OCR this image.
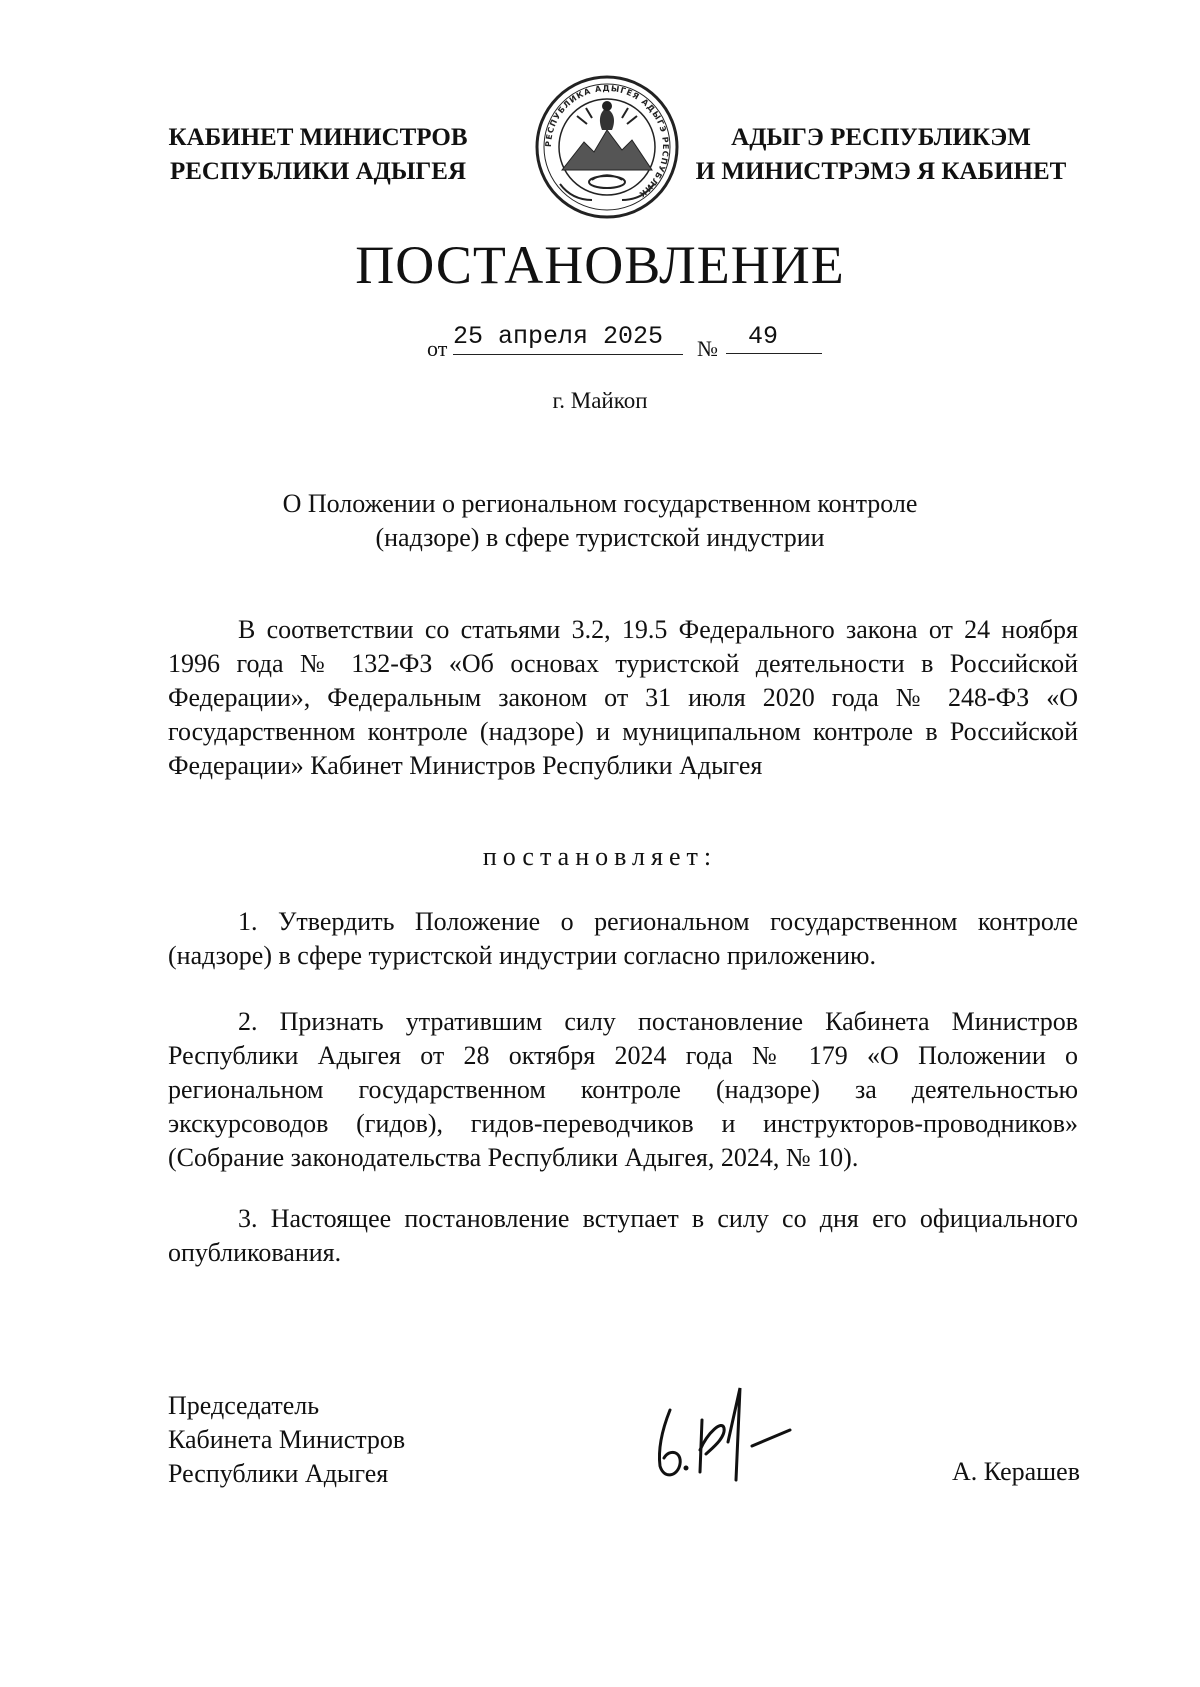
КАБИНЕТ МИНИСТРОВ
РЕСПУБЛИКИ АДЫГЕЯ
РЕСПУБЛИКА АДЫГЕЯ АДЫГЭ РЕСПУБЛИК
АДЫГЭ РЕСПУБЛИКЭМ
И МИНИСТРЭМЭ Я КАБИНЕТ
ПОСТАНОВЛЕНИЕ
от 25 апреля 2025	№	49
г. Майкоп
О Положении о региональном государственном контроле
(надзоре) в сфере туристской индустрии
В соответствии со статьями 3.2, 19.5 Федерального закона от 24 ноября 1996 года № 132-ФЗ «Об основах туристской деятельности в Российской Федерации», Федеральным законом от 31 июля 2020 года № 248-ФЗ «О государственном контроле (надзоре) и муниципальном контроле в Российской Федерации» Кабинет Министров Республики Адыгея
постановляет:
1. Утвердить Положение о региональном государственном контроле (надзоре) в сфере туристской индустрии согласно приложению.
2. Признать утратившим силу постановление Кабинета Министров Республики Адыгея от 28 октября 2024 года № 179 «О Положении о региональном государственном контроле (надзоре) за деятельностью экскурсоводов (гидов), гидов-переводчиков и инструкторов-проводников» (Собрание законодательства Республики Адыгея, 2024, № 10).
3. Настоящее постановление вступает в силу со дня его официального опубликования.
Председатель
Кабинета Министров
Республики Адыгея	А. Керашев
